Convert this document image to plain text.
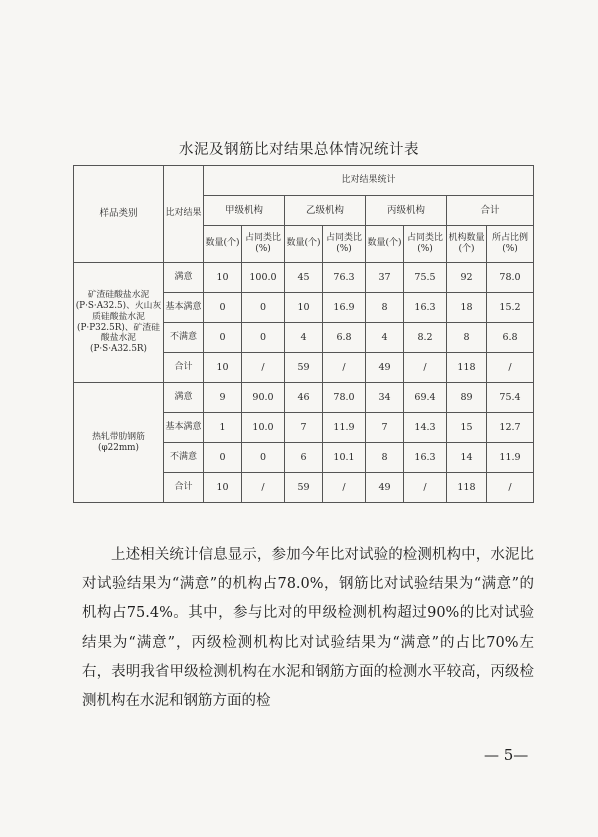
水泥及钢筋比对结果总体情况统计表
样品类别	比对结果	比对结果统计							
		甲级机构		乙级机构		丙级机构		合计	
		数量(个)	占同类比(%)	数量(个)	占同类比(%)	数量(个)	占同类比(%)	机构数量(个)	所占比例(%)
矿渣硅酸盐水泥(P·S·A32.5)、火山灰质硅酸盐水泥(P·P32.5R)、矿渣硅酸盐水泥(P·S·A32.5R)	满意	10	100.0	45	76.3	37	75.5	92	78.0
	基本满意	0	0	10	16.9	8	16.3	18	15.2
	不满意	0	0	4	6.8	4	8.2	8	6.8
	合计	10	/	59	/	49	/	118	/
热轧带肋钢筋(φ22mm)	满意	9	90.0	46	78.0	34	69.4	89	75.4
	基本满意	1	10.0	7	11.9	7	14.3	15	12.7
	不满意	0	0	6	10.1	8	16.3	14	11.9
	合计	10	/	59	/	49	/	118	/

上述相关统计信息显示，参加今年比对试验的检测机构中，水泥比对试验结果为“满意”的机构占78.0%，钢筋比对试验结果为“满意”的机构占75.4%。其中，参与比对的甲级检测机构超过90%的比对试验结果为“满意”，丙级检测机构比对试验结果为“满意”的占比70%左右，表明我省甲级检测机构在水泥和钢筋方面的检测水平较高，丙级检测机构在水泥和钢筋方面的检

— 5—
